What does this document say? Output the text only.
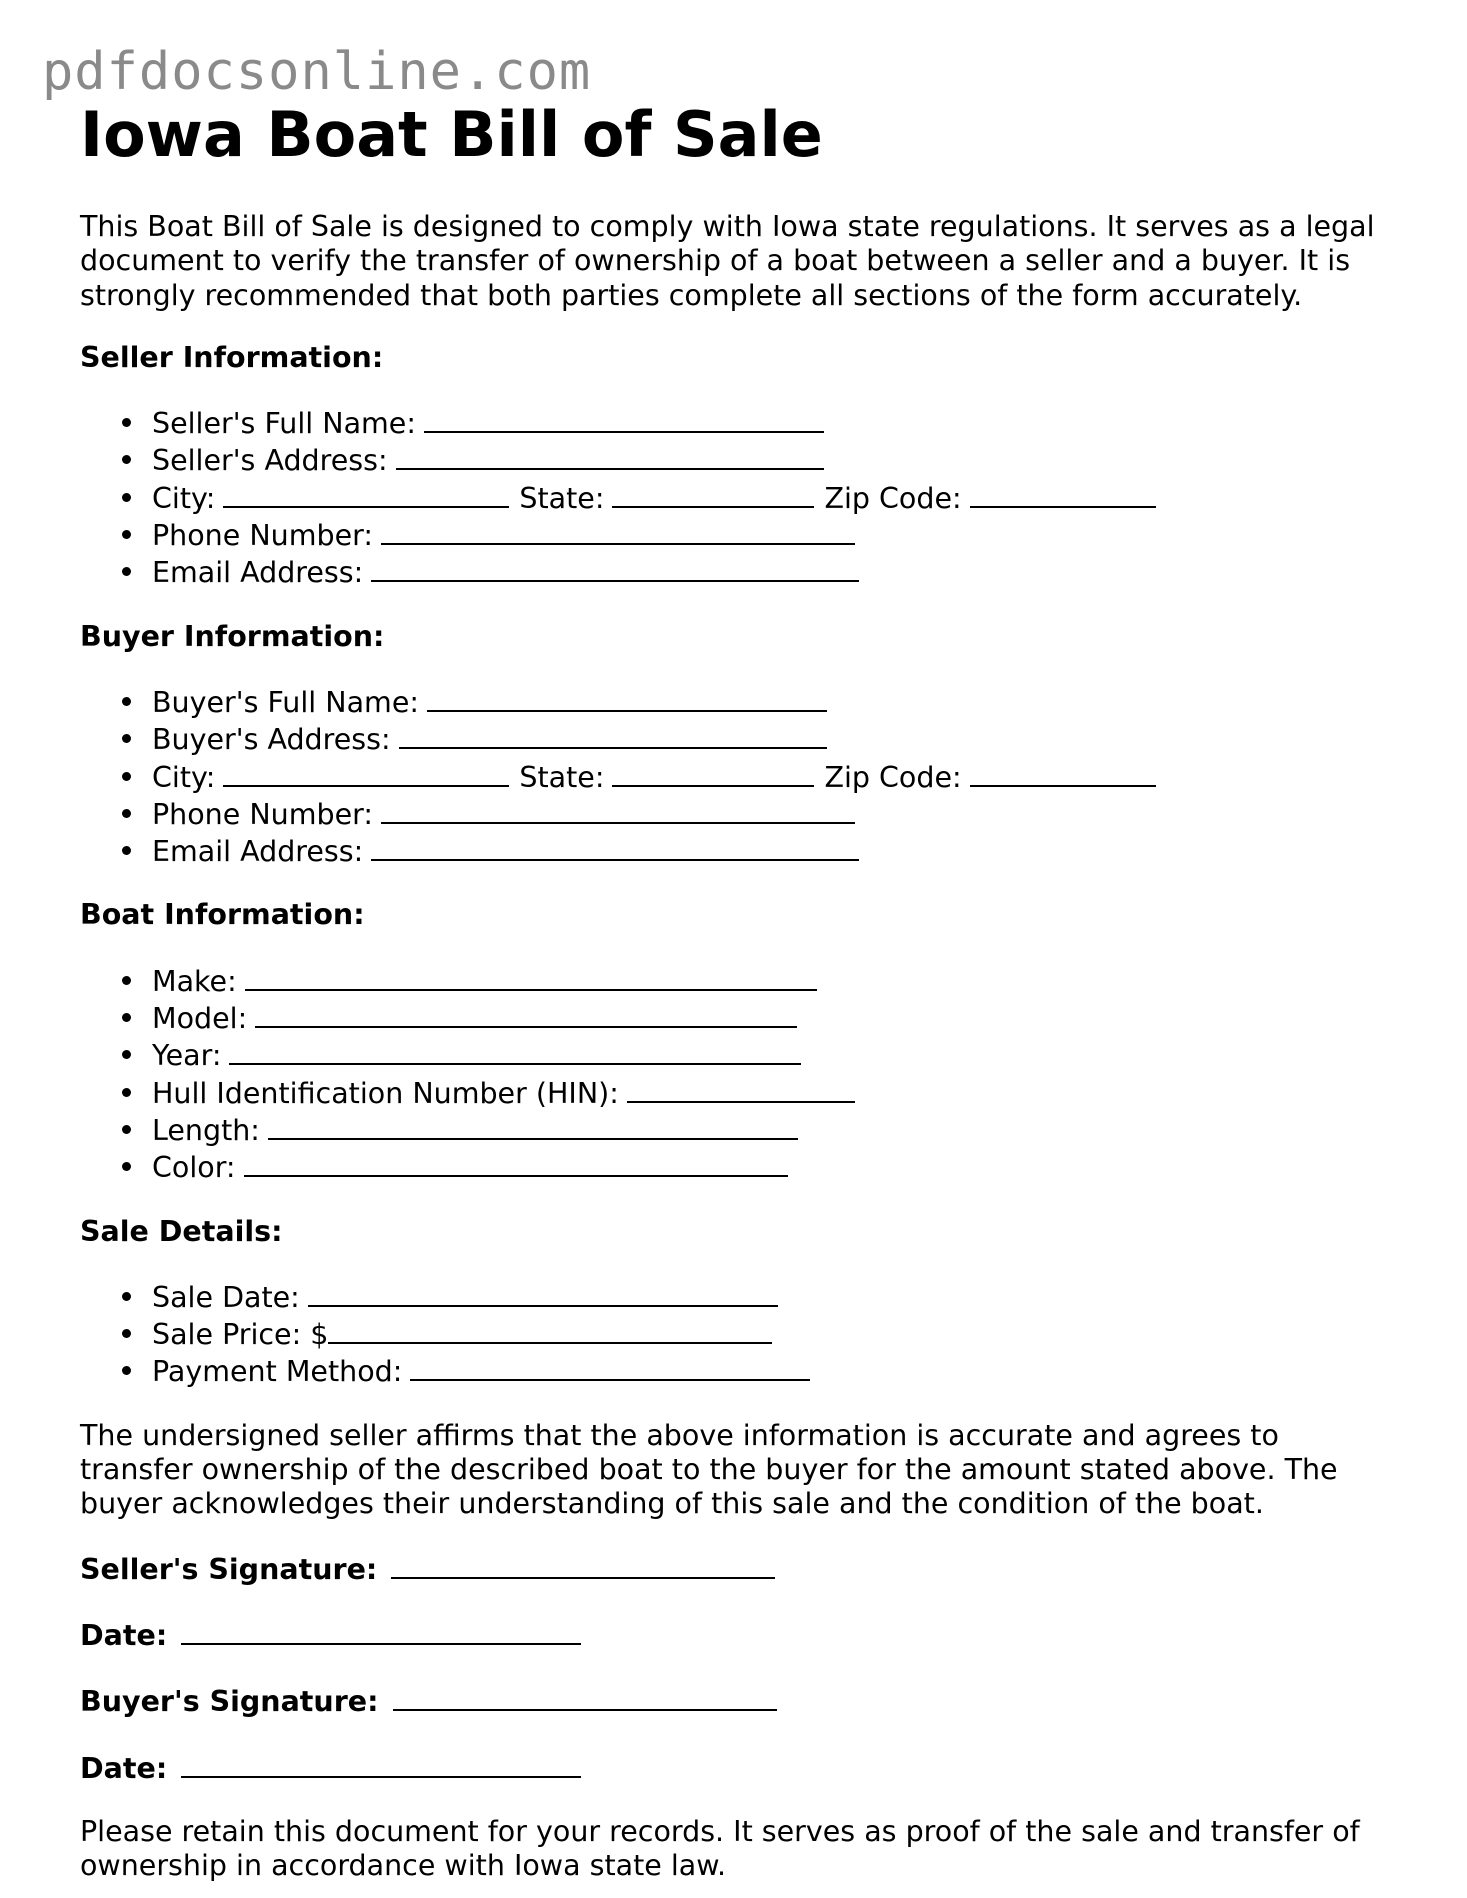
pdfdocsonline.com
Iowa Boat Bill of Sale

This Boat Bill of Sale is designed to comply with Iowa state regulations. It serves as a legal document to verify the transfer of ownership of a boat between a seller and a buyer. It is strongly recommended that both parties complete all sections of the form accurately.

Seller Information:
Seller's Full Name:
Seller's Address:
City:	State:	Zip Code:
Phone Number:
Email Address:
Buyer Information:
Buyer's Full Name:
Buyer's Address:
City:	State:	Zip Code:
Phone Number:
Email Address:
Boat Information:
Make:
Model:
Year:
Hull Identification Number (HIN):
Length:
Color:
Sale Details:
Sale Date:
Sale Price: $
Payment Method:

The undersigned seller affirms that the above information is accurate and agrees to transfer ownership of the described boat to the buyer for the amount stated above. The buyer acknowledges their understanding of this sale and the condition of the boat.

Seller's Signature:
Date:
Buyer's Signature:
Date:

Please retain this document for your records. It serves as proof of the sale and transfer of ownership in accordance with Iowa state law.
